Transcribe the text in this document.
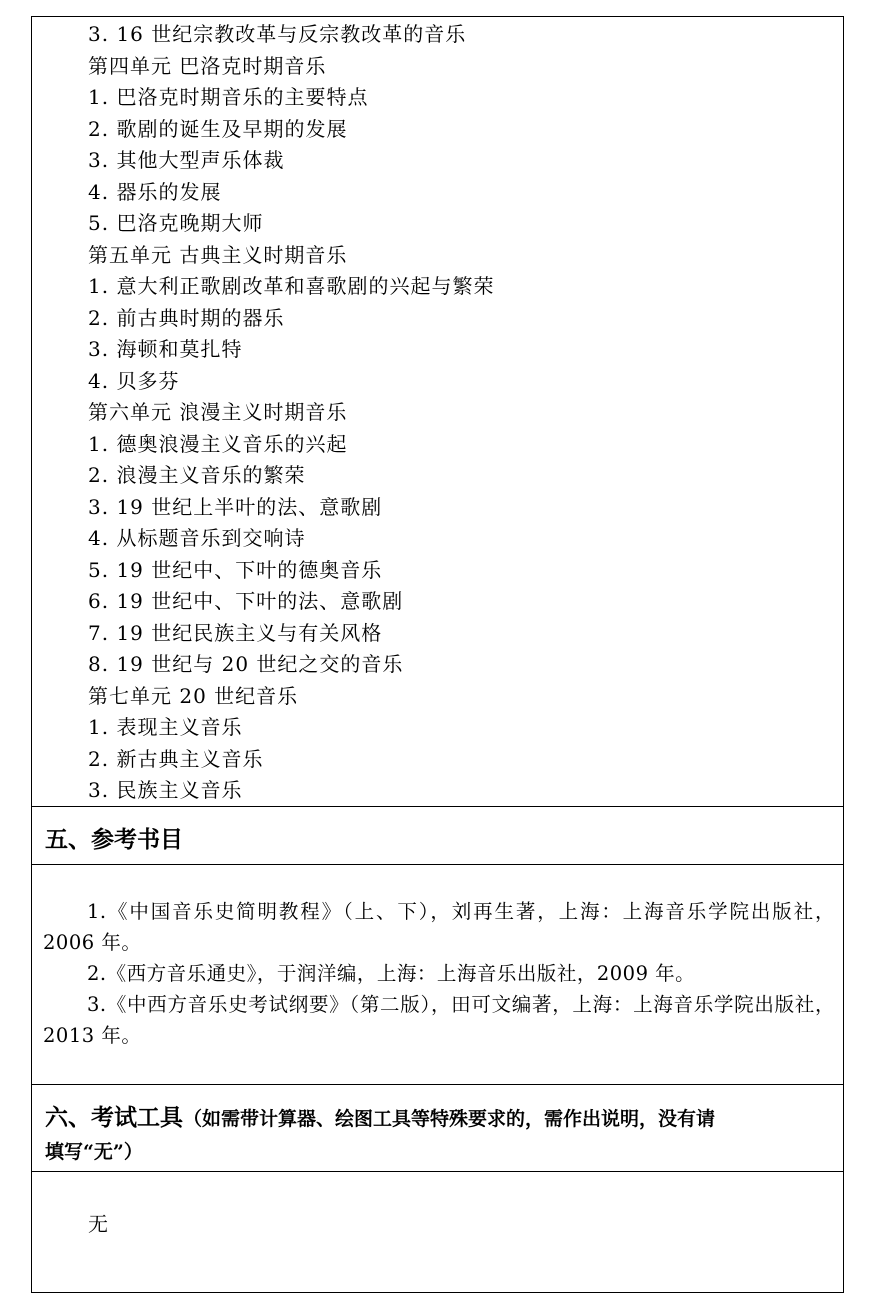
3. 16 世纪宗教改革与反宗教改革的音乐
第四单元 巴洛克时期音乐
1. 巴洛克时期音乐的主要特点
2. 歌剧的诞生及早期的发展
3. 其他大型声乐体裁
4. 器乐的发展
5. 巴洛克晚期大师
第五单元 古典主义时期音乐
1. 意大利正歌剧改革和喜歌剧的兴起与繁荣
2. 前古典时期的器乐
3. 海顿和莫扎特
4. 贝多芬
第六单元 浪漫主义时期音乐
1. 德奥浪漫主义音乐的兴起
2. 浪漫主义音乐的繁荣
3. 19 世纪上半叶的法、意歌剧
4. 从标题音乐到交响诗
5. 19 世纪中、下叶的德奥音乐
6. 19 世纪中、下叶的法、意歌剧
7. 19 世纪民族主义与有关风格
8. 19 世纪与 20 世纪之交的音乐
第七单元 20 世纪音乐
1. 表现主义音乐
2. 新古典主义音乐
3. 民族主义音乐
五、参考书目
1.《中国音乐史简明教程》（上、下），刘再生著，上海：上海音乐学院出版社，2006 年。
2.《西方音乐通史》，于润洋编，上海：上海音乐出版社，2009 年。
3.《中西方音乐史考试纲要》（第二版），田可文编著，上海：上海音乐学院出版社，2013 年。
六、考试工具（如需带计算器、绘图工具等特殊要求的，需作出说明，没有请
填写“无”）
无
